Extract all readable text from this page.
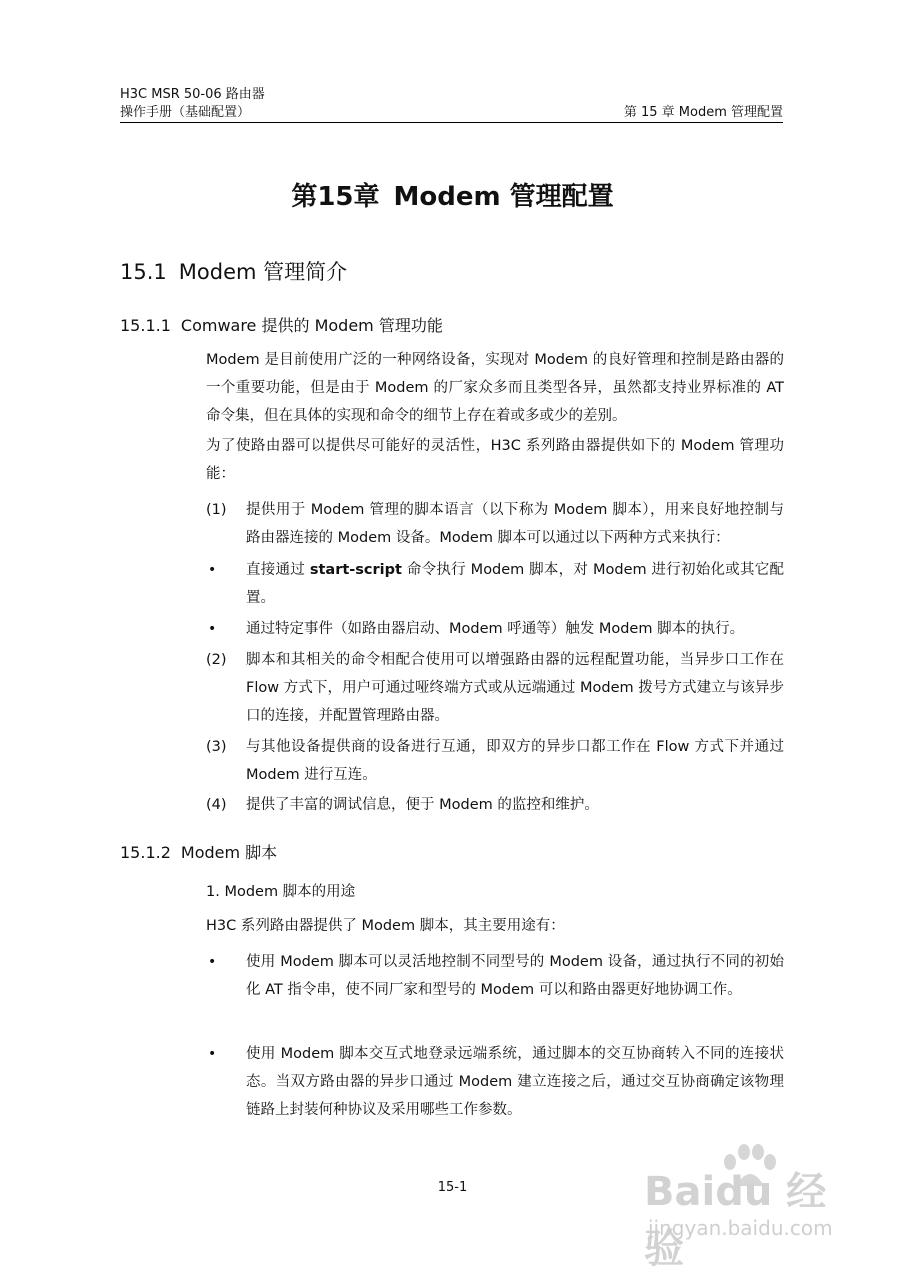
H3C MSR 50-06 路由器
操作手册（基础配置）	第 15 章 Modem 管理配置
第15章 Modem 管理配置
15.1 Modem 管理简介
15.1.1 Comware 提供的 Modem 管理功能
Modem 是目前使用广泛的一种网络设备，实现对 Modem 的良好管理和控制是路由器的一个重要功能，但是由于 Modem 的厂家众多而且类型各异，虽然都支持业界标准的 AT 命令集，但在具体的实现和命令的细节上存在着或多或少的差别。
为了使路由器可以提供尽可能好的灵活性，H3C 系列路由器提供如下的 Modem 管理功能：
(1) 提供用于 Modem 管理的脚本语言（以下称为 Modem 脚本），用来良好地控制与路由器连接的 Modem 设备。Modem 脚本可以通过以下两种方式来执行：
• 直接通过 start-script 命令执行 Modem 脚本，对 Modem 进行初始化或其它配置。
• 通过特定事件（如路由器启动、Modem 呼通等）触发 Modem 脚本的执行。
(2) 脚本和其相关的命令相配合使用可以增强路由器的远程配置功能，当异步口工作在 Flow 方式下，用户可通过哑终端方式或从远端通过 Modem 拨号方式建立与该异步口的连接，并配置管理路由器。
(3) 与其他设备提供商的设备进行互通，即双方的异步口都工作在 Flow 方式下并通过 Modem 进行互连。
(4) 提供了丰富的调试信息，便于 Modem 的监控和维护。
15.1.2 Modem 脚本
1. Modem 脚本的用途
H3C 系列路由器提供了 Modem 脚本，其主要用途有：
• 使用 Modem 脚本可以灵活地控制不同型号的 Modem 设备，通过执行不同的初始化 AT 指令串，使不同厂家和型号的 Modem 可以和路由器更好地协调工作。
• 使用 Modem 脚本交互式地登录远端系统，通过脚本的交互协商转入不同的连接状态。当双方路由器的异步口通过 Modem 建立连接之后，通过交互协商确定该物理链路上封装何种协议及采用哪些工作参数。
15-1	Baidu 经验
jingyan.baidu.com
